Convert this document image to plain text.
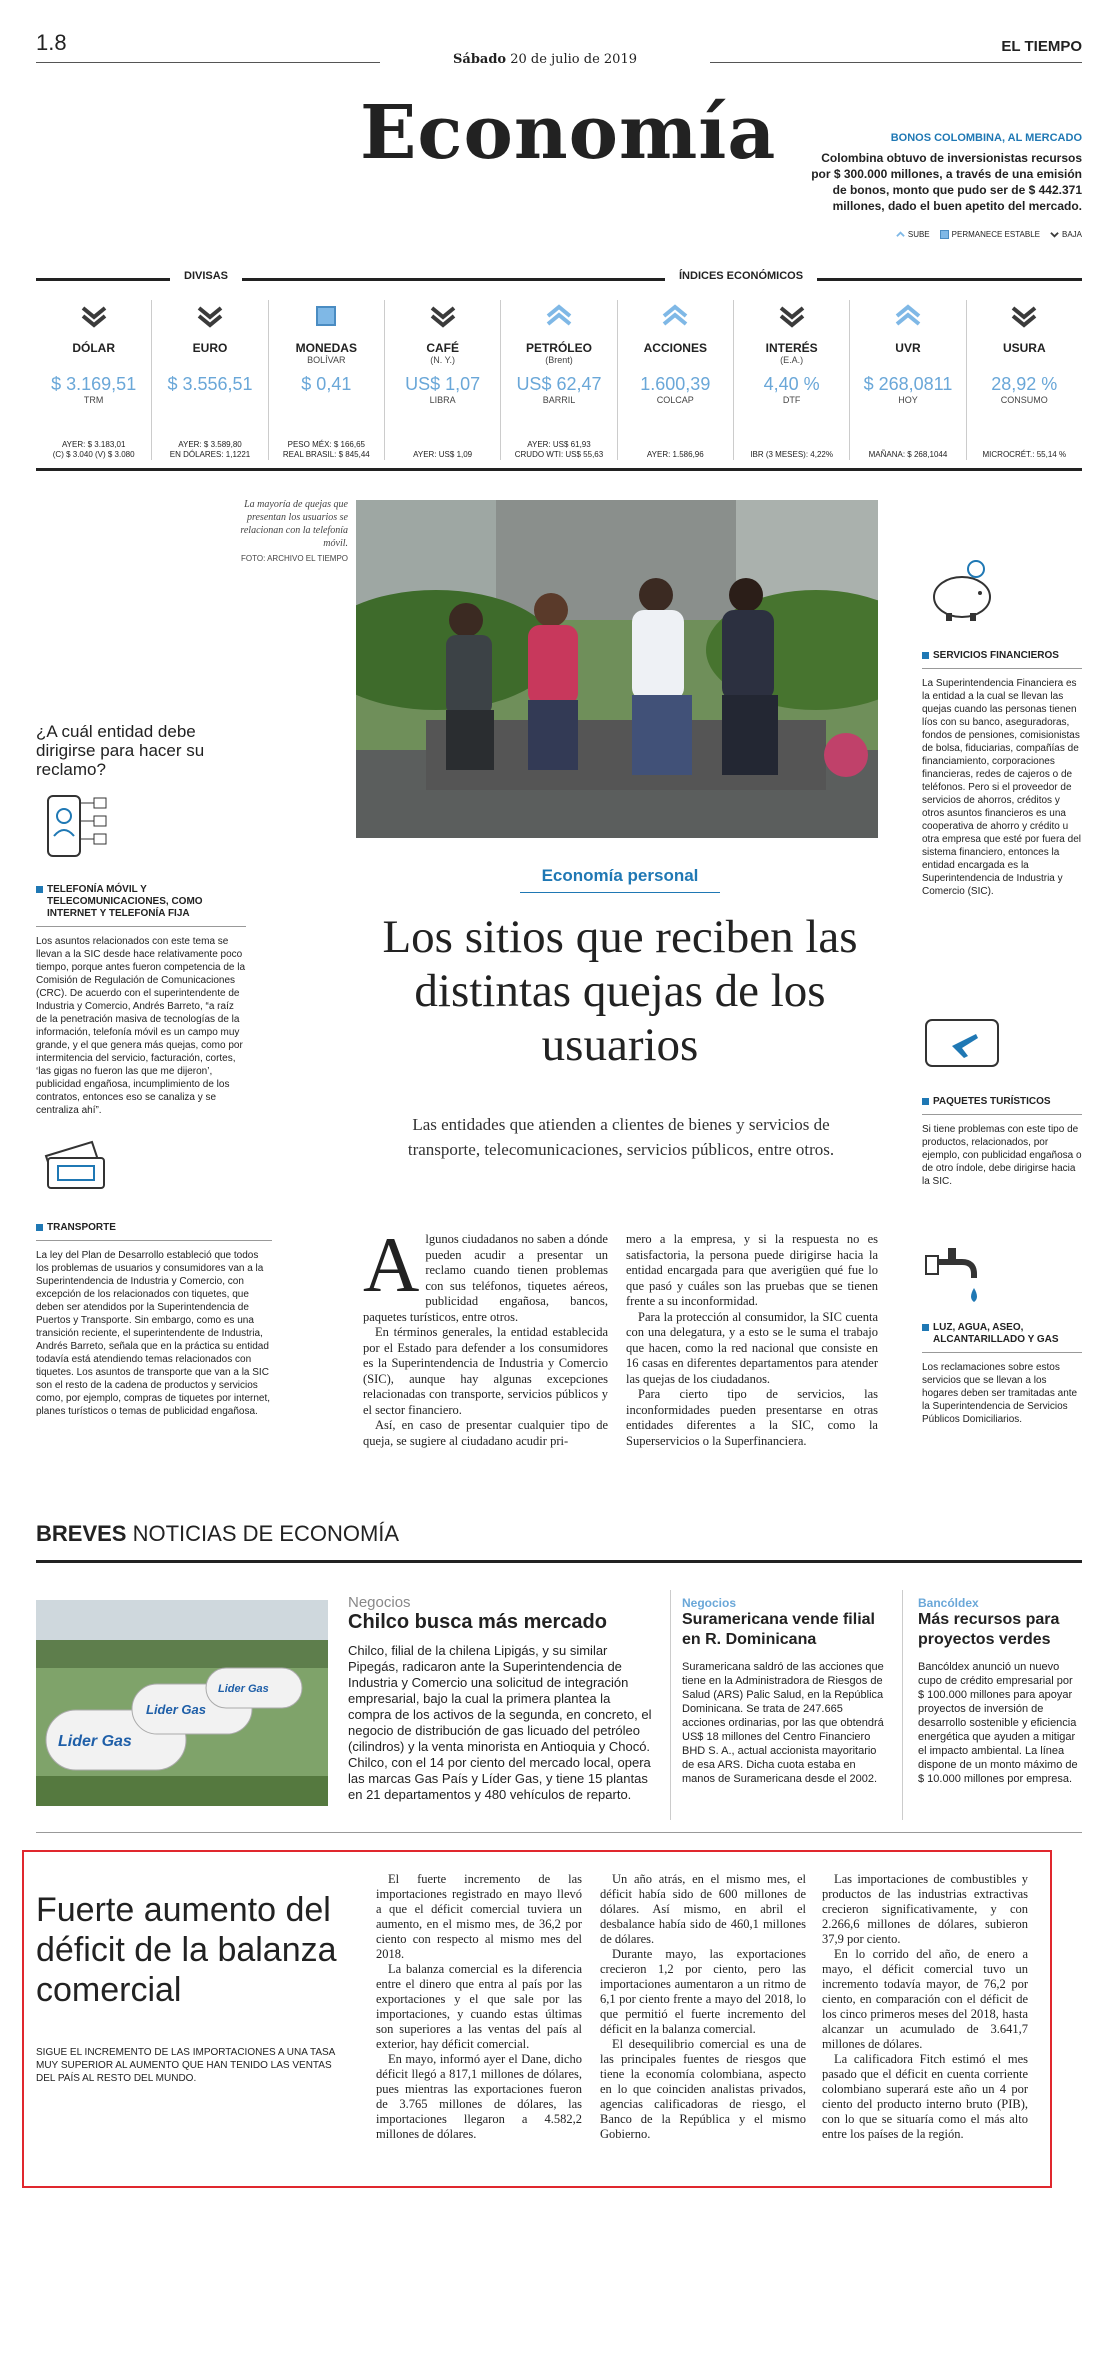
1.8
Sábado 20 de julio de 2019
EL TIEMPO
Economía	BONOS COLOMBINA, AL MERCADO
Colombina obtuvo de inversionistas recursos por $ 300.000 millones, a través de una emisión de bonos, monto que pudo ser de $ 442.371 millones, dado el buen apetito del mercado.
SUBE	PERMANECE ESTABLE	BAJA
DIVISAS	ÍNDICES ECONÓMICOS
DÓLAR
$ 3.169,51
TRM
AYER: $ 3.183,01
(C) $ 3.040 (V) $ 3.080
EURO
$ 3.556,51
AYER: $ 3.589,80
EN DÓLARES: 1,1221
MONEDAS
BOLÍVAR
$ 0,41
PESO MÉX: $ 166,65
REAL BRASIL: $ 845,44
CAFÉ
(N. Y.)
US$ 1,07
LIBRA
AYER: US$ 1,09
PETRÓLEO
(Brent)
US$ 62,47
BARRIL
AYER: US$ 61,93
CRUDO WTI: US$ 55,63
ACCIONES
1.600,39
COLCAP
AYER: 1.586,96
INTERÉS
(E.A.)
4,40 %
DTF
IBR (3 MESES): 4,22%
UVR
$ 268,0811
HOY
MAÑANA: $ 268,1044
USURA
28,92 %
CONSUMO
MICROCRÉT.: 55,14 %
La mayoría de quejas que presentan los usuarios se relacionan con la telefonía móvil.
FOTO: ARCHIVO EL TIEMPO
Economía personal
Los sitios que reciben las distintas quejas de los usuarios
Las entidades que atienden a clientes de bienes y servicios de transporte, telecomunicaciones, servicios públicos, entre otros.
A lgunos ciudadanos no saben a dónde pueden acudir a presentar un reclamo cuando tienen problemas con sus teléfonos, tiquetes aéreos, publicidad engañosa, bancos, paquetes turísticos, entre otros.

En términos generales, la entidad establecida por el Estado para defender a los consumidores es la Superintendencia de Industria y Comercio (SIC), aunque hay algunas excepciones relacionadas con transporte, servicios públicos y el sector financiero.

Así, en caso de presentar cualquier tipo de queja, se sugiere al ciudadano acudir pri-

mero a la empresa, y si la respuesta no es satisfactoria, la persona puede dirigirse hacia la entidad encargada para que averigüen qué fue lo que pasó y cuáles son las pruebas que se tienen frente a su inconformidad.

Para la protección al consumidor, la SIC cuenta con una delegatura, y a esto se le suma el trabajo que hacen, como la red nacional que consiste en 16 casas en diferentes departamentos para atender las quejas de los ciudadanos.

Para cierto tipo de servicios, las inconformidades pueden presentarse en otras entidades diferentes a la SIC, como la Superservicios o la Superfinanciera.

¿A cuál entidad debe dirigirse para hacer su reclamo?
TELEFONÍA MÓVIL Y TELECOMUNICACIONES, COMO INTERNET Y TELEFONÍA FIJA
Los asuntos relacionados con este tema se llevan a la SIC desde hace relativamente poco tiempo, porque antes fueron competencia de la Comisión de Regulación de Comunicaciones (CRC). De acuerdo con el superintendente de Industria y Comercio, Andrés Barreto, “a raíz de la penetración masiva de tecnologías de la información, telefonía móvil es un campo muy grande, y el que genera más quejas, como por intermitencia del servicio, facturación, cortes, ‘las gigas no fueron las que me dijeron’, publicidad engañosa, incumplimiento de los contratos, entonces eso se canaliza y se centraliza ahí”.
TRANSPORTE
La ley del Plan de Desarrollo estableció que todos los problemas de usuarios y consumidores van a la Superintendencia de Industria y Comercio, con excepción de los relacionados con tiquetes, que deben ser atendidos por la Superintendencia de Puertos y Transporte. Sin embargo, como es una transición reciente, el superintendente de Industria, Andrés Barreto, señala que en la práctica su entidad todavía está atendiendo temas relacionados con tiquetes. Los asuntos de transporte que van a la SIC son el resto de la cadena de productos y servicios como, por ejemplo, compras de tiquetes por internet, planes turísticos o temas de publicidad engañosa.
SERVICIOS FINANCIEROS
La Superintendencia Financiera es la entidad a la cual se llevan las quejas cuando las personas tienen líos con su banco, aseguradoras, fondos de pensiones, comisionistas de bolsa, fiduciarias, compañías de financiamiento, corporaciones financieras, redes de cajeros o de teléfonos. Pero si el proveedor de servicios de ahorros, créditos y otros asuntos financieros es una cooperativa de ahorro y crédito u otra empresa que esté por fuera del sistema financiero, entonces la entidad encargada es la Superintendencia de Industria y Comercio (SIC).
PAQUETES TURÍSTICOS
Si tiene problemas con este tipo de productos, relacionados, por ejemplo, con publicidad engañosa o de otro índole, debe dirigirse hacia la SIC.
LUZ, AGUA, ASEO, ALCANTARILLADO Y GAS
Los reclamaciones sobre estos servicios que se llevan a los hogares deben ser tramitadas ante la Superintendencia de Servicios Públicos Domiciliarios.
BREVES NOTICIAS DE ECONOMÍA
Lider Gas
Lider Gas
Lider Gas
Negocios
Chilco busca más mercado
Chilco, filial de la chilena Lipigás, y su similar Pipegás, radicaron ante la Superintendencia de Industria y Comercio una solicitud de integración empresarial, bajo la cual la primera plantea la compra de los activos de la segunda, en concreto, el negocio de distribución de gas licuado del petróleo (cilindros) y la venta minorista en Antioquia y Chocó. Chilco, con el 14 por ciento del mercado local, opera las marcas Gas País y Líder Gas, y tiene 15 plantas en 21 departamentos y 480 vehículos de reparto.
Negocios
Suramericana vende filial en R. Dominicana
Suramericana saldró de las acciones que tiene en la Administradora de Riesgos de Salud (ARS) Palic Salud, en la República Dominicana. Se trata de 247.665 acciones ordinarias, por las que obtendrá US$ 18 millones del Centro Financiero BHD S. A., actual accionista mayoritario de esa ARS. Dicha cuota estaba en manos de Suramericana desde el 2002.
Bancóldex
Más recursos para proyectos verdes
Bancóldex anunció un nuevo cupo de crédito empresarial por $ 100.000 millones para apoyar proyectos de inversión de desarrollo sostenible y eficiencia energética que ayuden a mitigar el impacto ambiental. La línea dispone de un monto máximo de $ 10.000 millones por empresa.
Fuerte aumento del déficit de la balanza comercial
SIGUE EL INCREMENTO DE LAS IMPORTACIONES A UNA TASA MUY SUPERIOR AL AUMENTO QUE HAN TENIDO LAS VENTAS DEL PAÍS AL RESTO DEL MUNDO.

El fuerte incremento de las importaciones registrado en mayo llevó a que el déficit comercial tuviera un aumento, en el mismo mes, de 36,2 por ciento con respecto al mismo mes del 2018.

La balanza comercial es la diferencia entre el dinero que entra al país por las exportaciones y el que sale por las importaciones, y cuando estas últimas son superiores a las ventas del país al exterior, hay déficit comercial.

En mayo, informó ayer el Dane, dicho déficit llegó a 817,1 millones de dólares, pues mientras las exportaciones fueron de 3.765 millones de dólares, las importaciones llegaron a 4.582,2 millones de dólares.

Un año atrás, en el mismo mes, el déficit había sido de 600 millones de dólares. Así mismo, en abril el desbalance había sido de 460,1 millones de dólares.

Durante mayo, las exportaciones crecieron 1,2 por ciento, pero las importaciones aumentaron a un ritmo de 6,1 por ciento frente a mayo del 2018, lo que permitió el fuerte incremento del déficit en la balanza comercial.

El desequilibrio comercial es una de las principales fuentes de riesgos que tiene la economía colombiana, aspecto en lo que coinciden analistas privados, agencias calificadoras de riesgo, el Banco de la República y el mismo Gobierno.

Las importaciones de combustibles y productos de las industrias extractivas crecieron significativamente, y con 2.266,6 millones de dólares, subieron 37,9 por ciento.

En lo corrido del año, de enero a mayo, el déficit comercial tuvo un incremento todavía mayor, de 76,2 por ciento, en comparación con el déficit de los cinco primeros meses del 2018, hasta alcanzar un acumulado de 3.641,7 millones de dólares.

La calificadora Fitch estimó el mes pasado que el déficit en cuenta corriente colombiano superará este año un 4 por ciento del producto interno bruto (PIB), con lo que se situaría como el más alto entre los países de la región.
